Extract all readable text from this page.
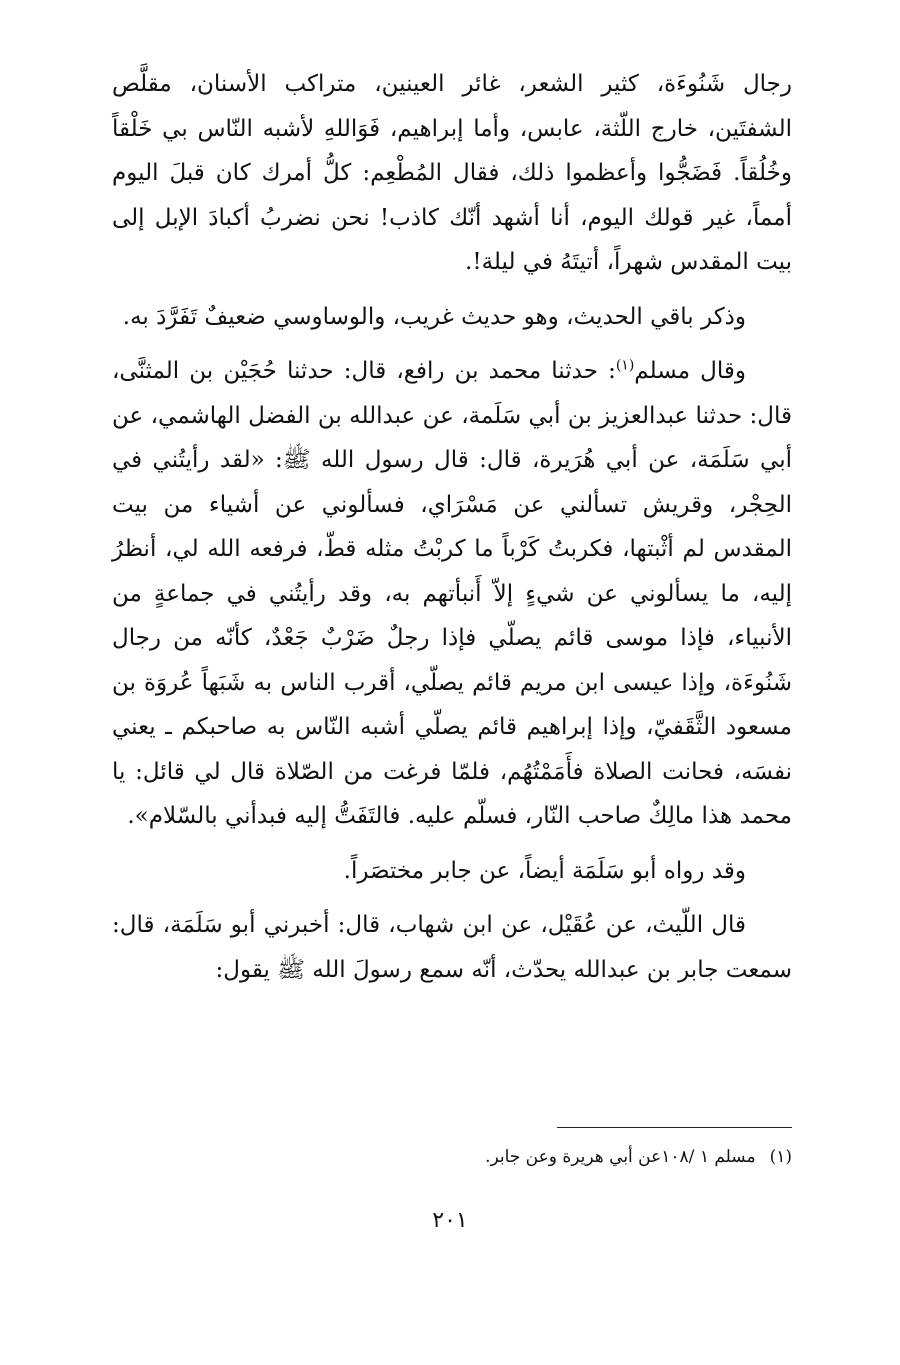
رجال شَنُوءَة، كثير الشعر، غائر العينين، متراكب الأسنان، مقلَّص الشفتَين، خارج اللّثة، عابس، وأما إبراهيم، فَوَاللهِ لأشبه النّاس بي خَلْقاً وخُلُقاً. فَضَجُّوا وأعظموا ذلك، فقال المُطْعِم: كلُّ أمرك كان قبلَ اليوم أمماً، غير قولك اليوم، أنا أشهد أنّك كاذب! نحن نضربُ أكبادَ الإبل إلى بيت المقدس شهراً، أتيتَهُ في ليلة!.

وذكر باقي الحديث، وهو حديث غريب، والوساوسي ضعيفٌ تَفَرَّدَ به.

وقال مسلم$^{(١)}$: حدثنا محمد بن رافع، قال: حدثنا حُجَيْن بن المثنَّى، قال: حدثنا عبدالعزيز بن أبي سَلَمة، عن عبدالله بن الفضل الهاشمي، عن أبي سَلَمَة، عن أبي هُرَيرة، قال: قال رسول الله ﷺ: «لقد رأيتُني في الحِجْر، وقريش تسألني عن مَسْرَاي، فسألوني عن أشياء من بيت المقدس لم أثْبتها، فكربتُ كَرْباً ما كربْتُ مثله قطّ، فرفعه الله لي، أنظرُ إليه، ما يسألوني عن شيءٍ إلاّ أَنبأتهم به، وقد رأيتُني في جماعةٍ من الأنبياء، فإذا موسى قائم يصلّي فإذا رجلٌ ضَرْبٌ جَعْدٌ، كأنّه من رجال شَنُوءَة، وإذا عيسى ابن مريم قائم يصلّي، أقرب الناس به شَبَهاً عُروَة بن مسعود الثَّقَفيّ، وإذا إبراهيم قائم يصلّي أشبه النّاس به صاحبكم ـ يعني نفسَه، فحانت الصلاة فأَمَمْتُهُم، فلمّا فرغت من الصّلاة قال لي قائل: يا محمد هذا مالِكٌ صاحب النّار، فسلّم عليه. فالتَفَتُّ إليه فبدأني بالسّلام».

وقد رواه أبو سَلَمَة أيضاً، عن جابر مختصَراً.

قال اللّيث، عن عُقَيْل، عن ابن شهاب، قال: أخبرني أبو سَلَمَة، قال: سمعت جابر بن عبدالله يحدّث، أنّه سمع رسولَ الله ﷺ يقول:

(١)مسلم ١ /١٠٨عن أبي هريرة وعن جابر.
٢٠١
